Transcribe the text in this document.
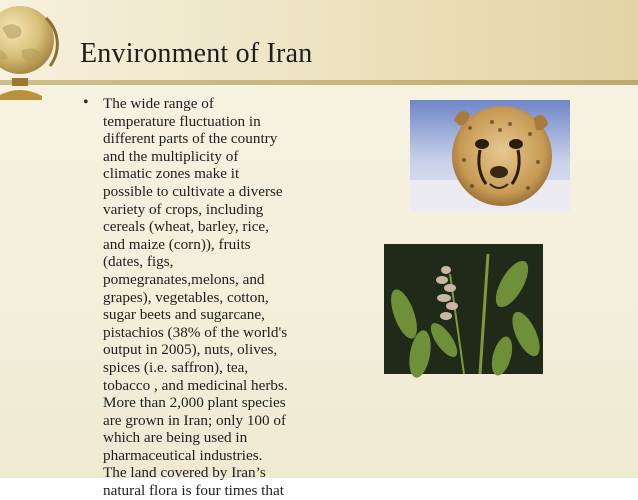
Environment of Iran
• The wide range of
temperature fluctuation in
different parts of the country
and the multiplicity of
climatic zones make it
possible to cultivate a diverse
variety of crops, including
cereals (wheat, barley, rice,
and maize (corn)), fruits
(dates, figs,
pomegranates,melons, and
grapes), vegetables, cotton,
sugar beets and sugarcane,
pistachios (38% of the world's
output in 2005), nuts, olives,
spices (i.e. saffron), tea,
tobacco , and medicinal herbs.
More than 2,000 plant species
are grown in Iran; only 100 of
which are being used in
pharmaceutical industries.
The land covered by Iran’s
natural flora is four times that
